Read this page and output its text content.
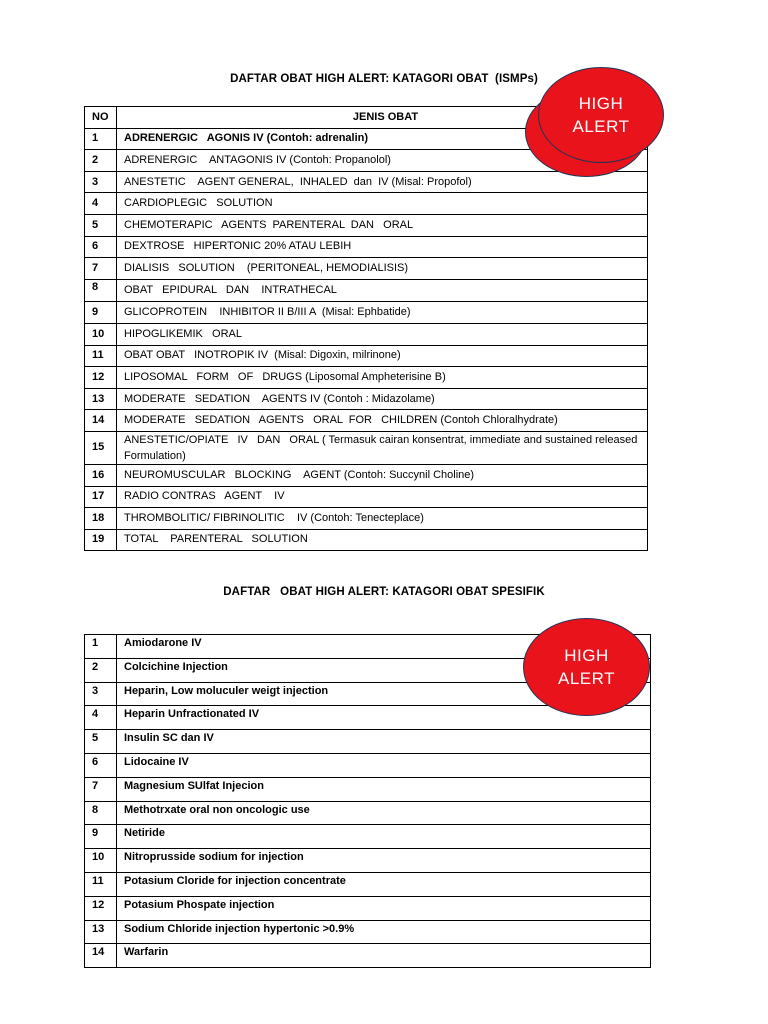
DAFTAR OBAT HIGH ALERT: KATAGORI OBAT  (ISMPs)
NO	JENIS OBAT
1	ADRENERGIC   AGONIS IV (Contoh: adrenalin)
2	ADRENERGIC    ANTAGONIS IV (Contoh: Propanolol)
3	ANESTETIC    AGENT GENERAL,  INHALED  dan  IV (Misal: Propofol)
4	CARDIOPLEGIC   SOLUTION
5	CHEMOTERAPIC   AGENTS  PARENTERAL  DAN   ORAL
6	DEXTROSE   HIPERTONIC 20% ATAU LEBIH
7	DIALISIS   SOLUTION    (PERITONEAL, HEMODIALISIS)
8	OBAT   EPIDURAL   DAN    INTRATHECAL
9	GLICOPROTEIN    INHIBITOR II B/III A  (Misal: Ephbatide)
10	HIPOGLIKEMIK   ORAL
11	OBAT OBAT   INOTROPIK IV  (Misal: Digoxin, milrinone)
12	LIPOSOMAL   FORM   OF   DRUGS (Liposomal Ampheterisine B)
13	MODERATE   SEDATION    AGENTS IV (Contoh : Midazolame)
14	MODERATE   SEDATION   AGENTS   ORAL  FOR   CHILDREN (Contoh Chloralhydrate)
15	ANESTETIC/OPIATE   IV   DAN   ORAL ( Termasuk cairan konsentrat, immediate and sustained released Formulation)
16	NEUROMUSCULAR   BLOCKING    AGENT (Contoh: Succynil Choline)
17	RADIO CONTRAS   AGENT    IV
18	THROMBOLITIC/ FIBRINOLITIC    IV (Contoh: Tenecteplace)
19	TOTAL    PARENTERAL   SOLUTION
HIGH
ALERT
DAFTAR   OBAT HIGH ALERT: KATAGORI OBAT SPESIFIK
1	Amiodarone IV
2	Colcichine Injection
3	Heparin, Low moluculer weigt injection
4	Heparin Unfractionated IV
5	Insulin SC dan IV
6	Lidocaine IV
7	Magnesium SUlfat Injecion
8	Methotrxate oral non oncologic use
9	Netiride
10	Nitroprusside sodium for injection
11	Potasium Cloride for injection concentrate
12	Potasium Phospate injection
13	Sodium Chloride injection hypertonic >0.9%
14	Warfarin
HIGH
ALERT
